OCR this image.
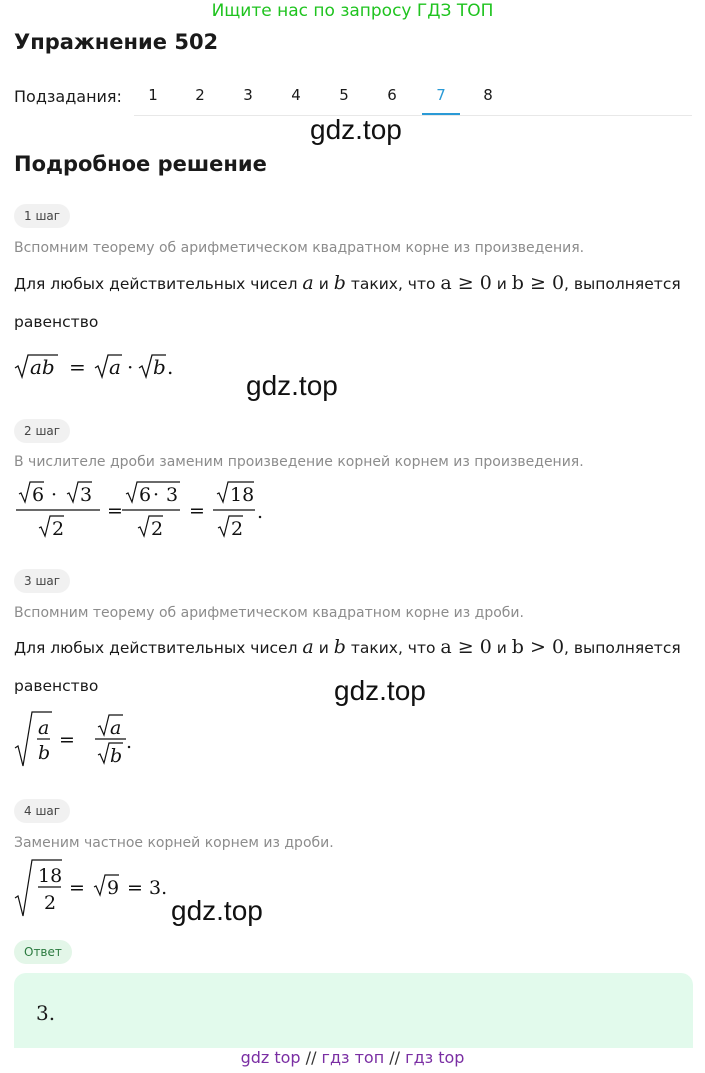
Ищите нас по запросу ГДЗ ТОП
Упражнение 502
Подзадания:	1	2	3	4	5	6	7	8
gdz.top
gdz.top
gdz.top
gdz.top
Подробное решение
1 шаг
Вспомним теорему об арифметическом квадратном корне из произведения.
Для любых действительных чисел a и b таких, что a ≥ 0 и b ≥ 0, выполняется
равенство
ab = a · b .
2 шаг
В числителе дроби заменим произведение корней корнем из произведения.
6 · 3
2
=
6 · 3
2
=
18
2
.
3 шаг
Вспомним теорему об арифметическом квадратном корне из дроби.
Для любых действительных чисел a и b таких, что a ≥ 0 и b > 0, выполняется
равенство
a
b
=
a
b
.
4 шаг
Заменим частное корней корнем из дроби.
18
2
= 9 = 3.
Ответ
3.
gdz top // гдз топ // гдз top
